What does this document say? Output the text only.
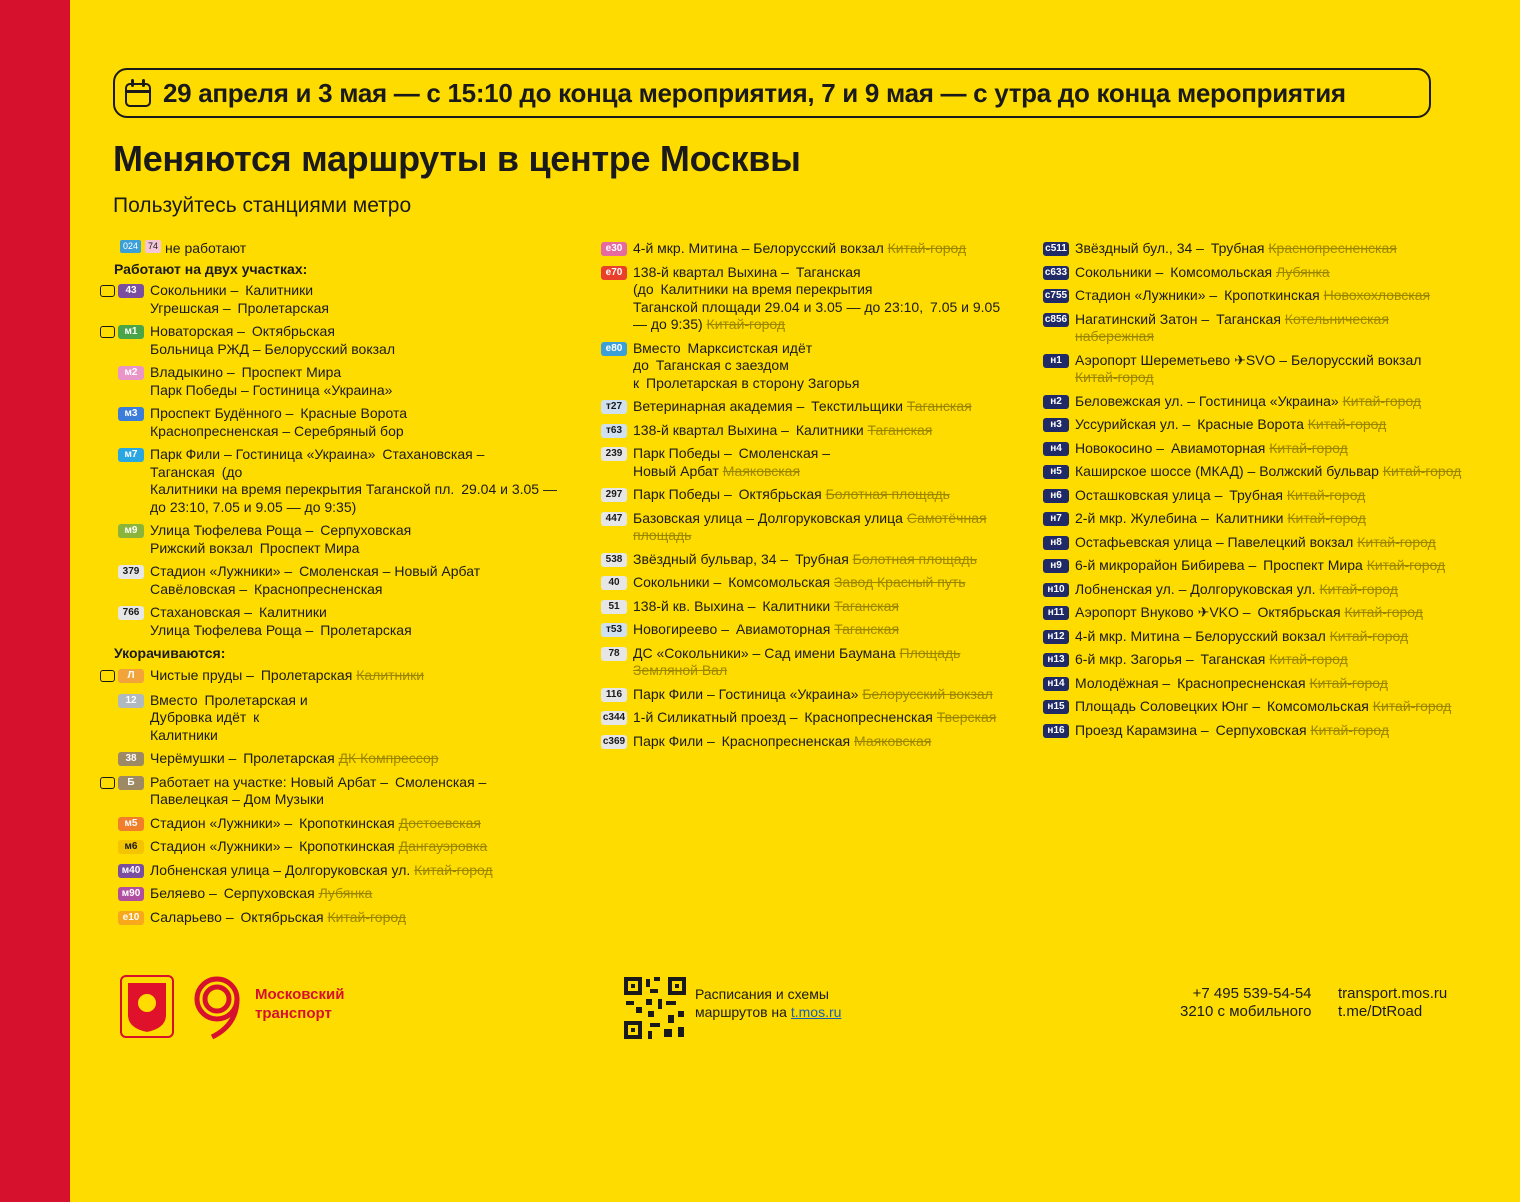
29 апреля и 3 мая — с 15:10 до конца мероприятия, 7 и 9 мая — с утра до конца мероприятия
Меняются маршруты в центре Москвы
Пользуйтесь станциями метро
024	74 не работают
Работают на двух участках:
43 Сокольники – Калитники
Угрешская – Пролетарская
м1 Новаторская – Октябрьская
Больница РЖД – Белорусский вокзал
м2 Владыкино – Проспект Мира
Парк Победы – Гостиница «Украина»
м3 Проспект Будённого – Красные Ворота
Краснопресненская – Серебряный бор
м7 Парк Фили – Гостиница «Украина» Стахановская –
Таганская (до
Калитники на время перекрытия Таганской пл. 29.04 и 3.05 — до 23:10, 7.05 и 9.05 — до 9:35)
м9 Улица Тюфелева Роща – Серпуховская
Рижский вокзал Проспект Мира
379 Стадион «Лужники» – Смоленская – Новый Арбат
Савёловская – Краснопресненская
766 Стахановская – Калитники
Улица Тюфелева Роща – Пролетарская
Укорачиваются:
Л	Чистые пруды – Пролетарская Калитники
12 Вместо Пролетарская и
Дубровка идёт к
Калитники
38 Черёмушки – Пролетарская ДК Компрессор
Б	Работает на участке: Новый Арбат – Смоленская –
Павелецкая – Дом Музыки
м5 Стадион «Лужники» – Кропоткинская Достоевская
м6 Стадион «Лужники» – Кропоткинская Дангауэровка
м40 Лобненская улица – Долгоруковская ул. Китай-город
м90 Беляево – Серпуховская Лубянка
e10 Саларьево – Октябрьская Китай-город
е30 4-й мкр. Митина – Белорусский вокзал Китай-город
е70 138-й квартал Выхина – Таганская
(до Калитники на время перекрытия
Таганской площади 29.04 и 3.05 — до 23:10, 7.05 и 9.05 — до 9:35) Китай-город
е80 Вместо Марксистская идёт
до Таганская с заездом
к Пролетарская в сторону Загорья
т27 Ветеринарная академия – Текстильщики Таганская
т63 138-й квартал Выхина – Калитники Таганская
239 Парк Победы – Смоленская –
Новый Арбат Маяковская
297 Парк Победы – Октябрьская Болотная площадь
447 Базовская улица – Долгоруковская улица Самотёчная площадь
538 Звёздный бульвар, 34 – Трубная Болотная площадь
40 Сокольники – Комсомольская Завод Красный путь
51 138-й кв. Выхина – Калитники Таганская
т53 Новогиреево – Авиамоторная Таганская
78 ДС «Сокольники» – Сад имени Баумана Площадь Земляной Вал
116 Парк Фили – Гостиница «Украина» Белорусский вокзал
с344 1-й Силикатный проезд – Краснопресненская Тверская
с369 Парк Фили – Краснопресненская Маяковская
с511 Звёздный бул., 34 – Трубная Краснопресненская
с633 Сокольники – Комсомольская Лубянка
с755 Стадион «Лужники» – Кропоткинская Новохохловская
с856 Нагатинский Затон – Таганская Котельническая набережная
н1 Аэропорт Шереметьево ✈SVO – Белорусский вокзал Китай-город
н2 Беловежская ул. – Гостиница «Украина» Китай-город
н3 Уссурийская ул. – Красные Ворота Китай-город
н4 Новокосино – Авиамоторная Китай-город
н5 Каширское шоссе (МКАД) – Волжский бульвар Китай-город
н6 Осташковская улица – Трубная Китай-город
н7 2-й мкр. Жулебина – Калитники Китай-город
н8 Остафьевская улица – Павелецкий вокзал Китай-город
н9 6-й микрорайон Бибирева – Проспект Мира Китай-город
н10 Лобненская ул. – Долгоруковская ул. Китай-город
н11 Аэропорт Внуково ✈VKO – Октябрьская Китай-город
н12 4-й мкр. Митина – Белорусский вокзал Китай-город
н13 6-й мкр. Загорья – Таганская Китай-город
н14 Молодёжная – Краснопресненская Китай-город
н15 Площадь Соловецких Юнг – Комсомольская Китай-город
н16 Проезд Карамзина – Серпуховская Китай-город
Московский
транспорт
Расписания и схемы
маршрутов на t.mos.ru
+7 495 539-54-54
3210 с мобильного
transport.mos.ru
t.me/DtRoad
